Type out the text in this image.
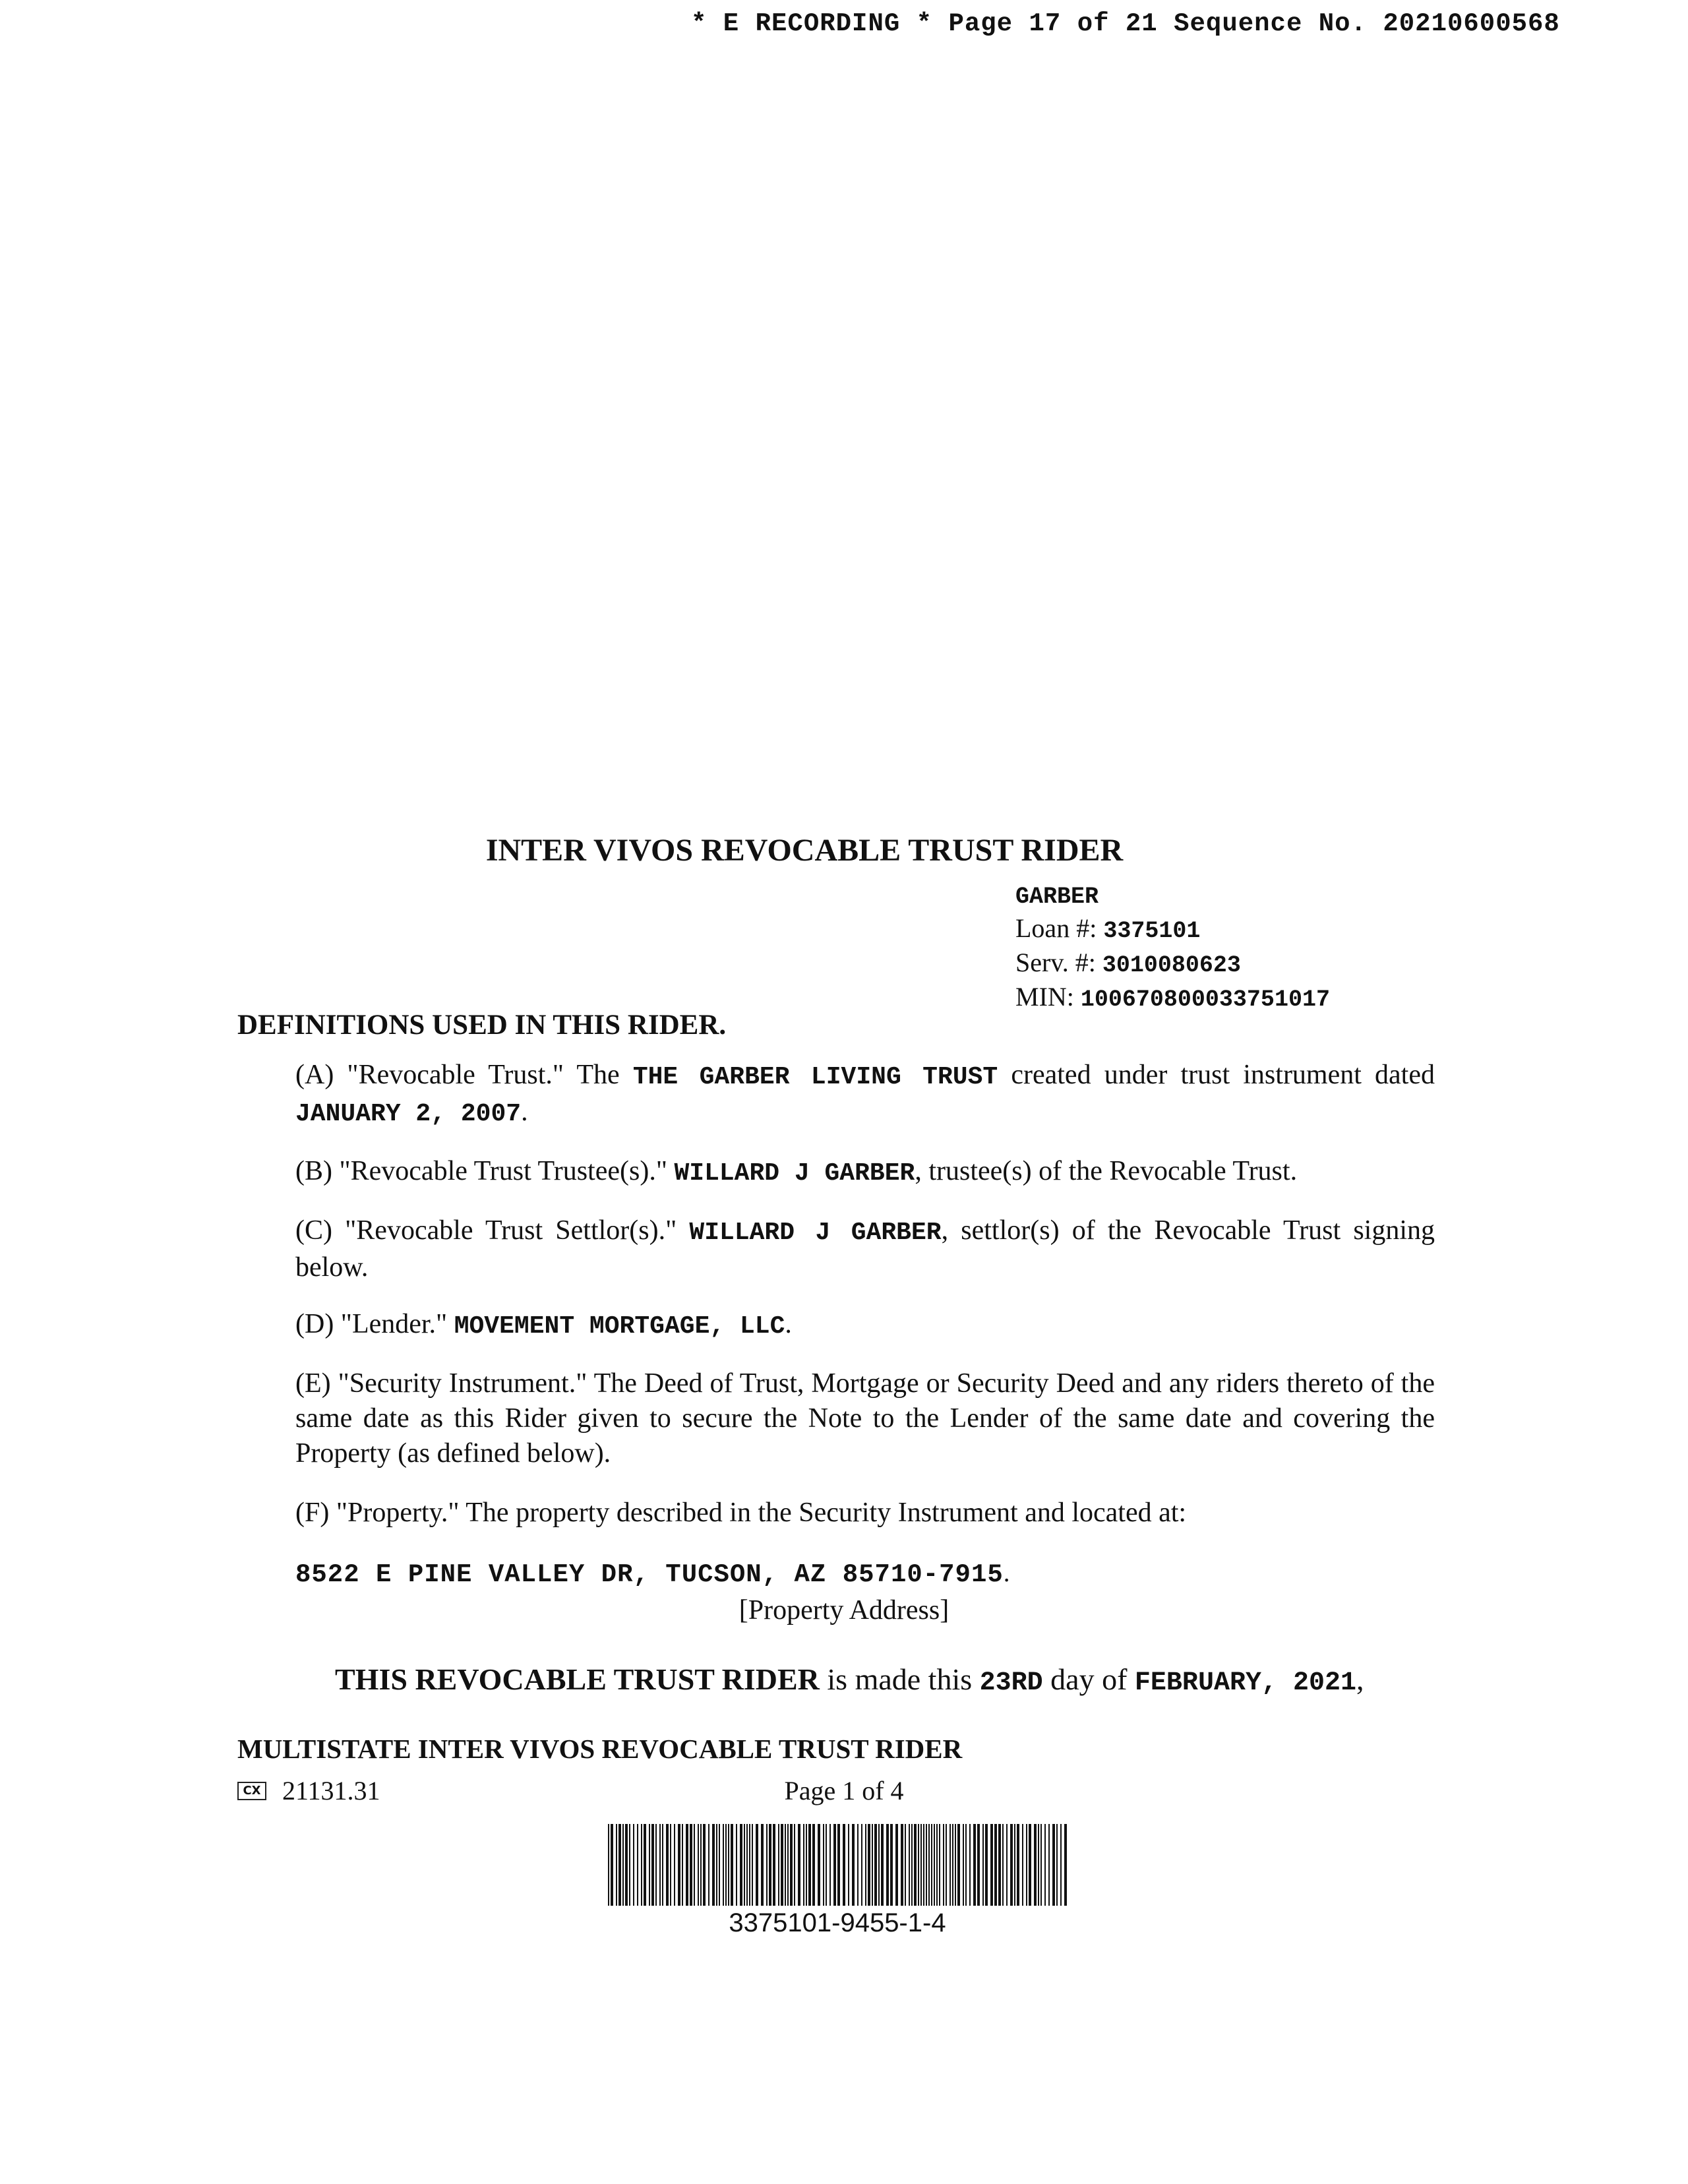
* E RECORDING * Page 17 of 21 Sequence No. 20210600568
INTER VIVOS REVOCABLE TRUST RIDER
GARBER
Loan #: 3375101
Serv. #: 3010080623
MIN: 100670800033751017
DEFINITIONS USED IN THIS RIDER.
(A) "Revocable Trust." The THE GARBER LIVING TRUST created under trust instrument dated JANUARY 2, 2007.
(B) "Revocable Trust Trustee(s)." WILLARD J GARBER, trustee(s) of the Revocable Trust.
(C) "Revocable Trust Settlor(s)." WILLARD J GARBER, settlor(s) of the Revocable Trust signing below.
(D) "Lender." MOVEMENT MORTGAGE, LLC.
(E) "Security Instrument." The Deed of Trust, Mortgage or Security Deed and any riders thereto of the same date as this Rider given to secure the Note to the Lender of the same date and covering the Property (as defined below).
(F) "Property." The property described in the Security Instrument and located at:
8522 E PINE VALLEY DR, TUCSON, AZ 85710-7915.
[Property Address]
THIS REVOCABLE TRUST RIDER is made this 23RD day of FEBRUARY, 2021,
MULTISTATE INTER VIVOS REVOCABLE TRUST RIDER
CX 21131.31	Page 1 of 4
3375101-9455-1-4
